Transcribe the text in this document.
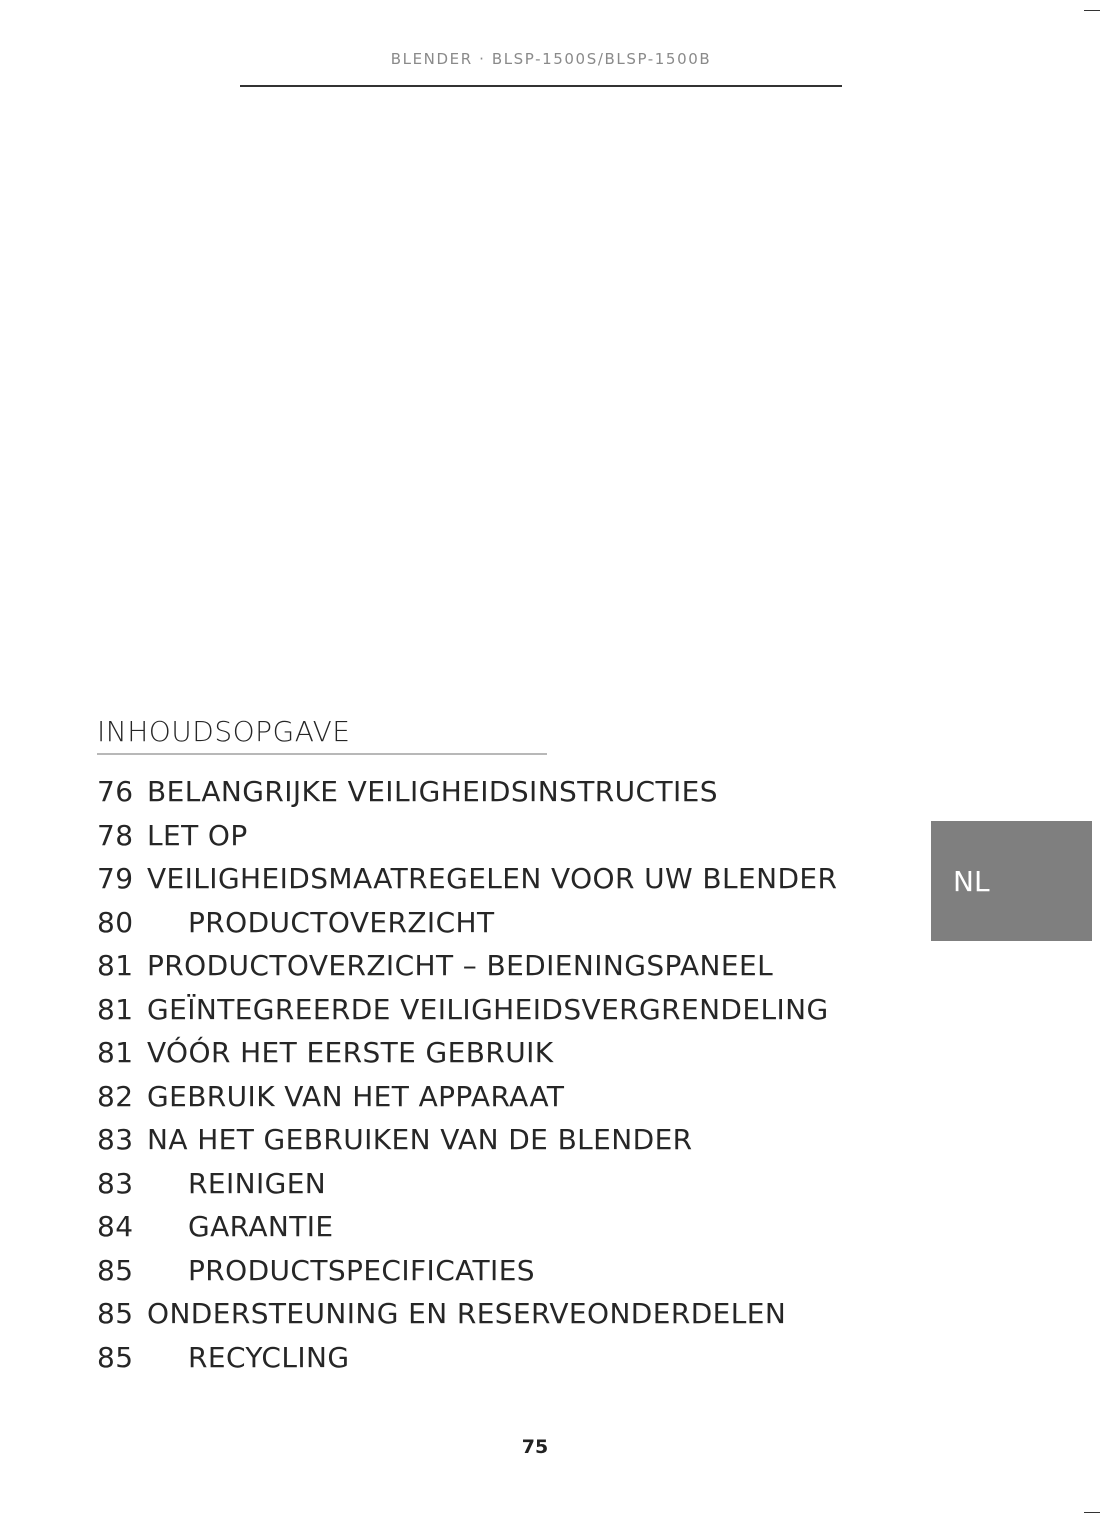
BLENDER · BLSP-1500S/BLSP-1500B
INHOUDSOPGAVE
76 BELANGRIJKE VEILIGHEIDSINSTRUCTIES
78 LET OP
79 VEILIGHEIDSMAATREGELEN VOOR UW BLENDER
80 PRODUCTOVERZICHT
81 PRODUCTOVERZICHT – BEDIENINGSPANEEL
81 GEÏNTEGREERDE VEILIGHEIDSVERGRENDELING
81 VÓÓR HET EERSTE GEBRUIK
82 GEBRUIK VAN HET APPARAAT
83 NA HET GEBRUIKEN VAN DE BLENDER
83 REINIGEN
84 GARANTIE
85 PRODUCTSPECIFICATIES
85 ONDERSTEUNING EN RESERVEONDERDELEN
85 RECYCLING
NL
75
